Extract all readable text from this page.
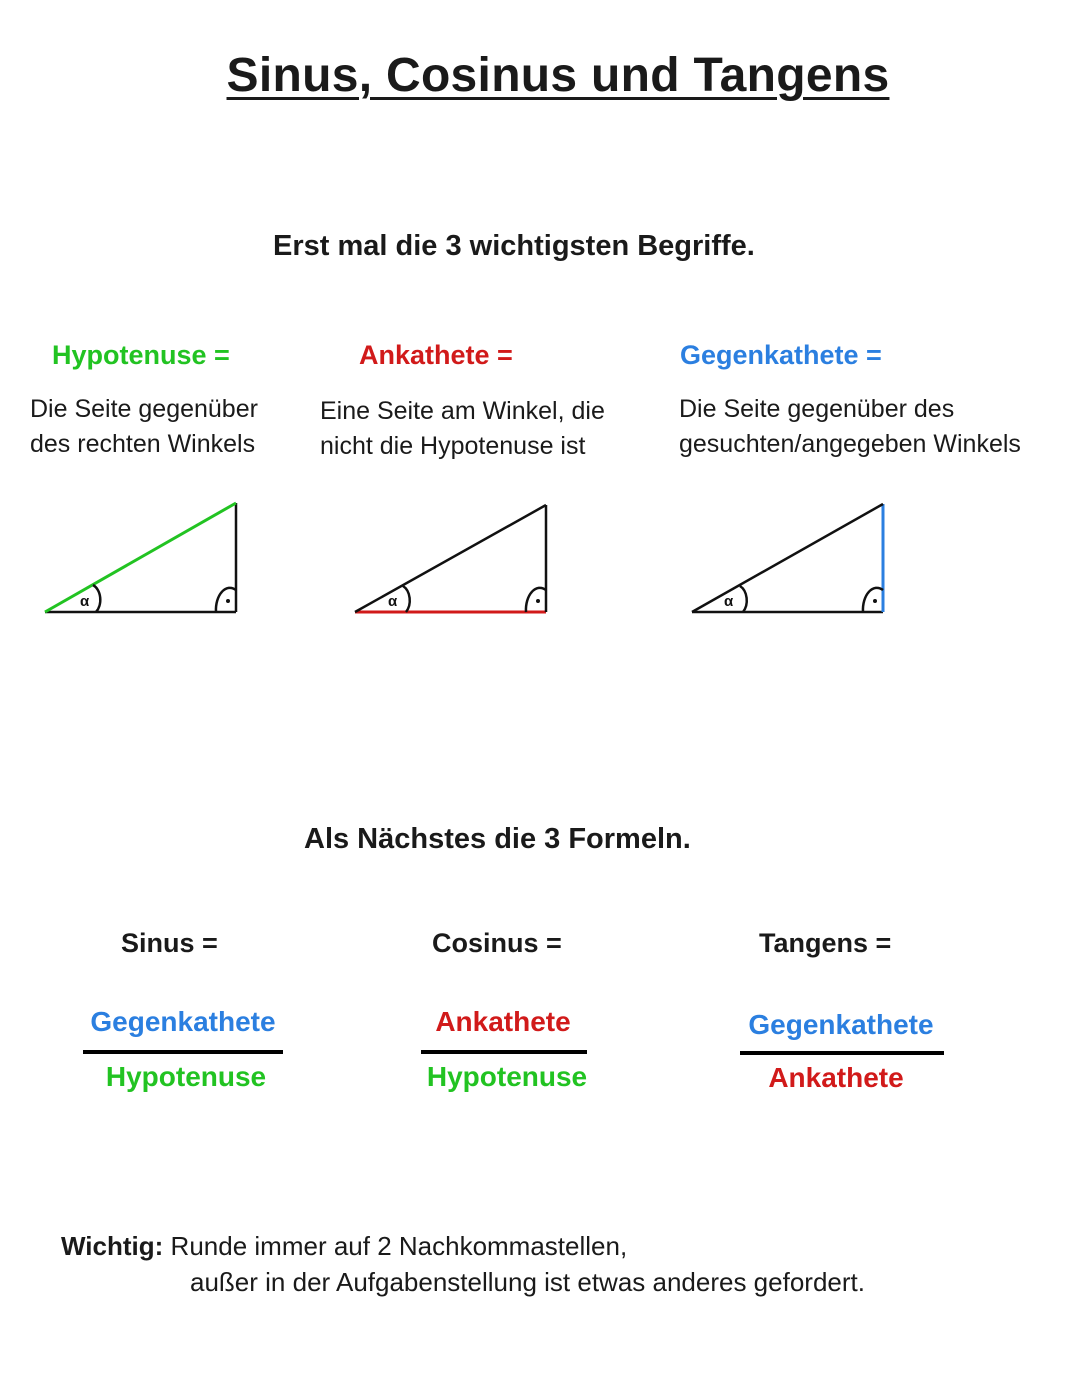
Sinus, Cosinus und Tangens
Erst mal die 3 wichtigsten Begriffe.
Hypotenuse =
Die Seite gegenüber
des rechten Winkels
Ankathete =
Eine Seite am Winkel, die
nicht die Hypotenuse ist
Gegenkathete =
Die Seite gegenüber des
gesuchten/angegeben Winkels
α	α	α
Als Nächstes die 3 Formeln.
Sinus =
Gegenkathete
Hypotenuse
Cosinus =
Ankathete
Hypotenuse
Tangens =
Gegenkathete
Ankathete
Wichtig: Runde immer auf 2 Nachkommastellen,
außer in der Aufgabenstellung ist etwas anderes gefordert.
